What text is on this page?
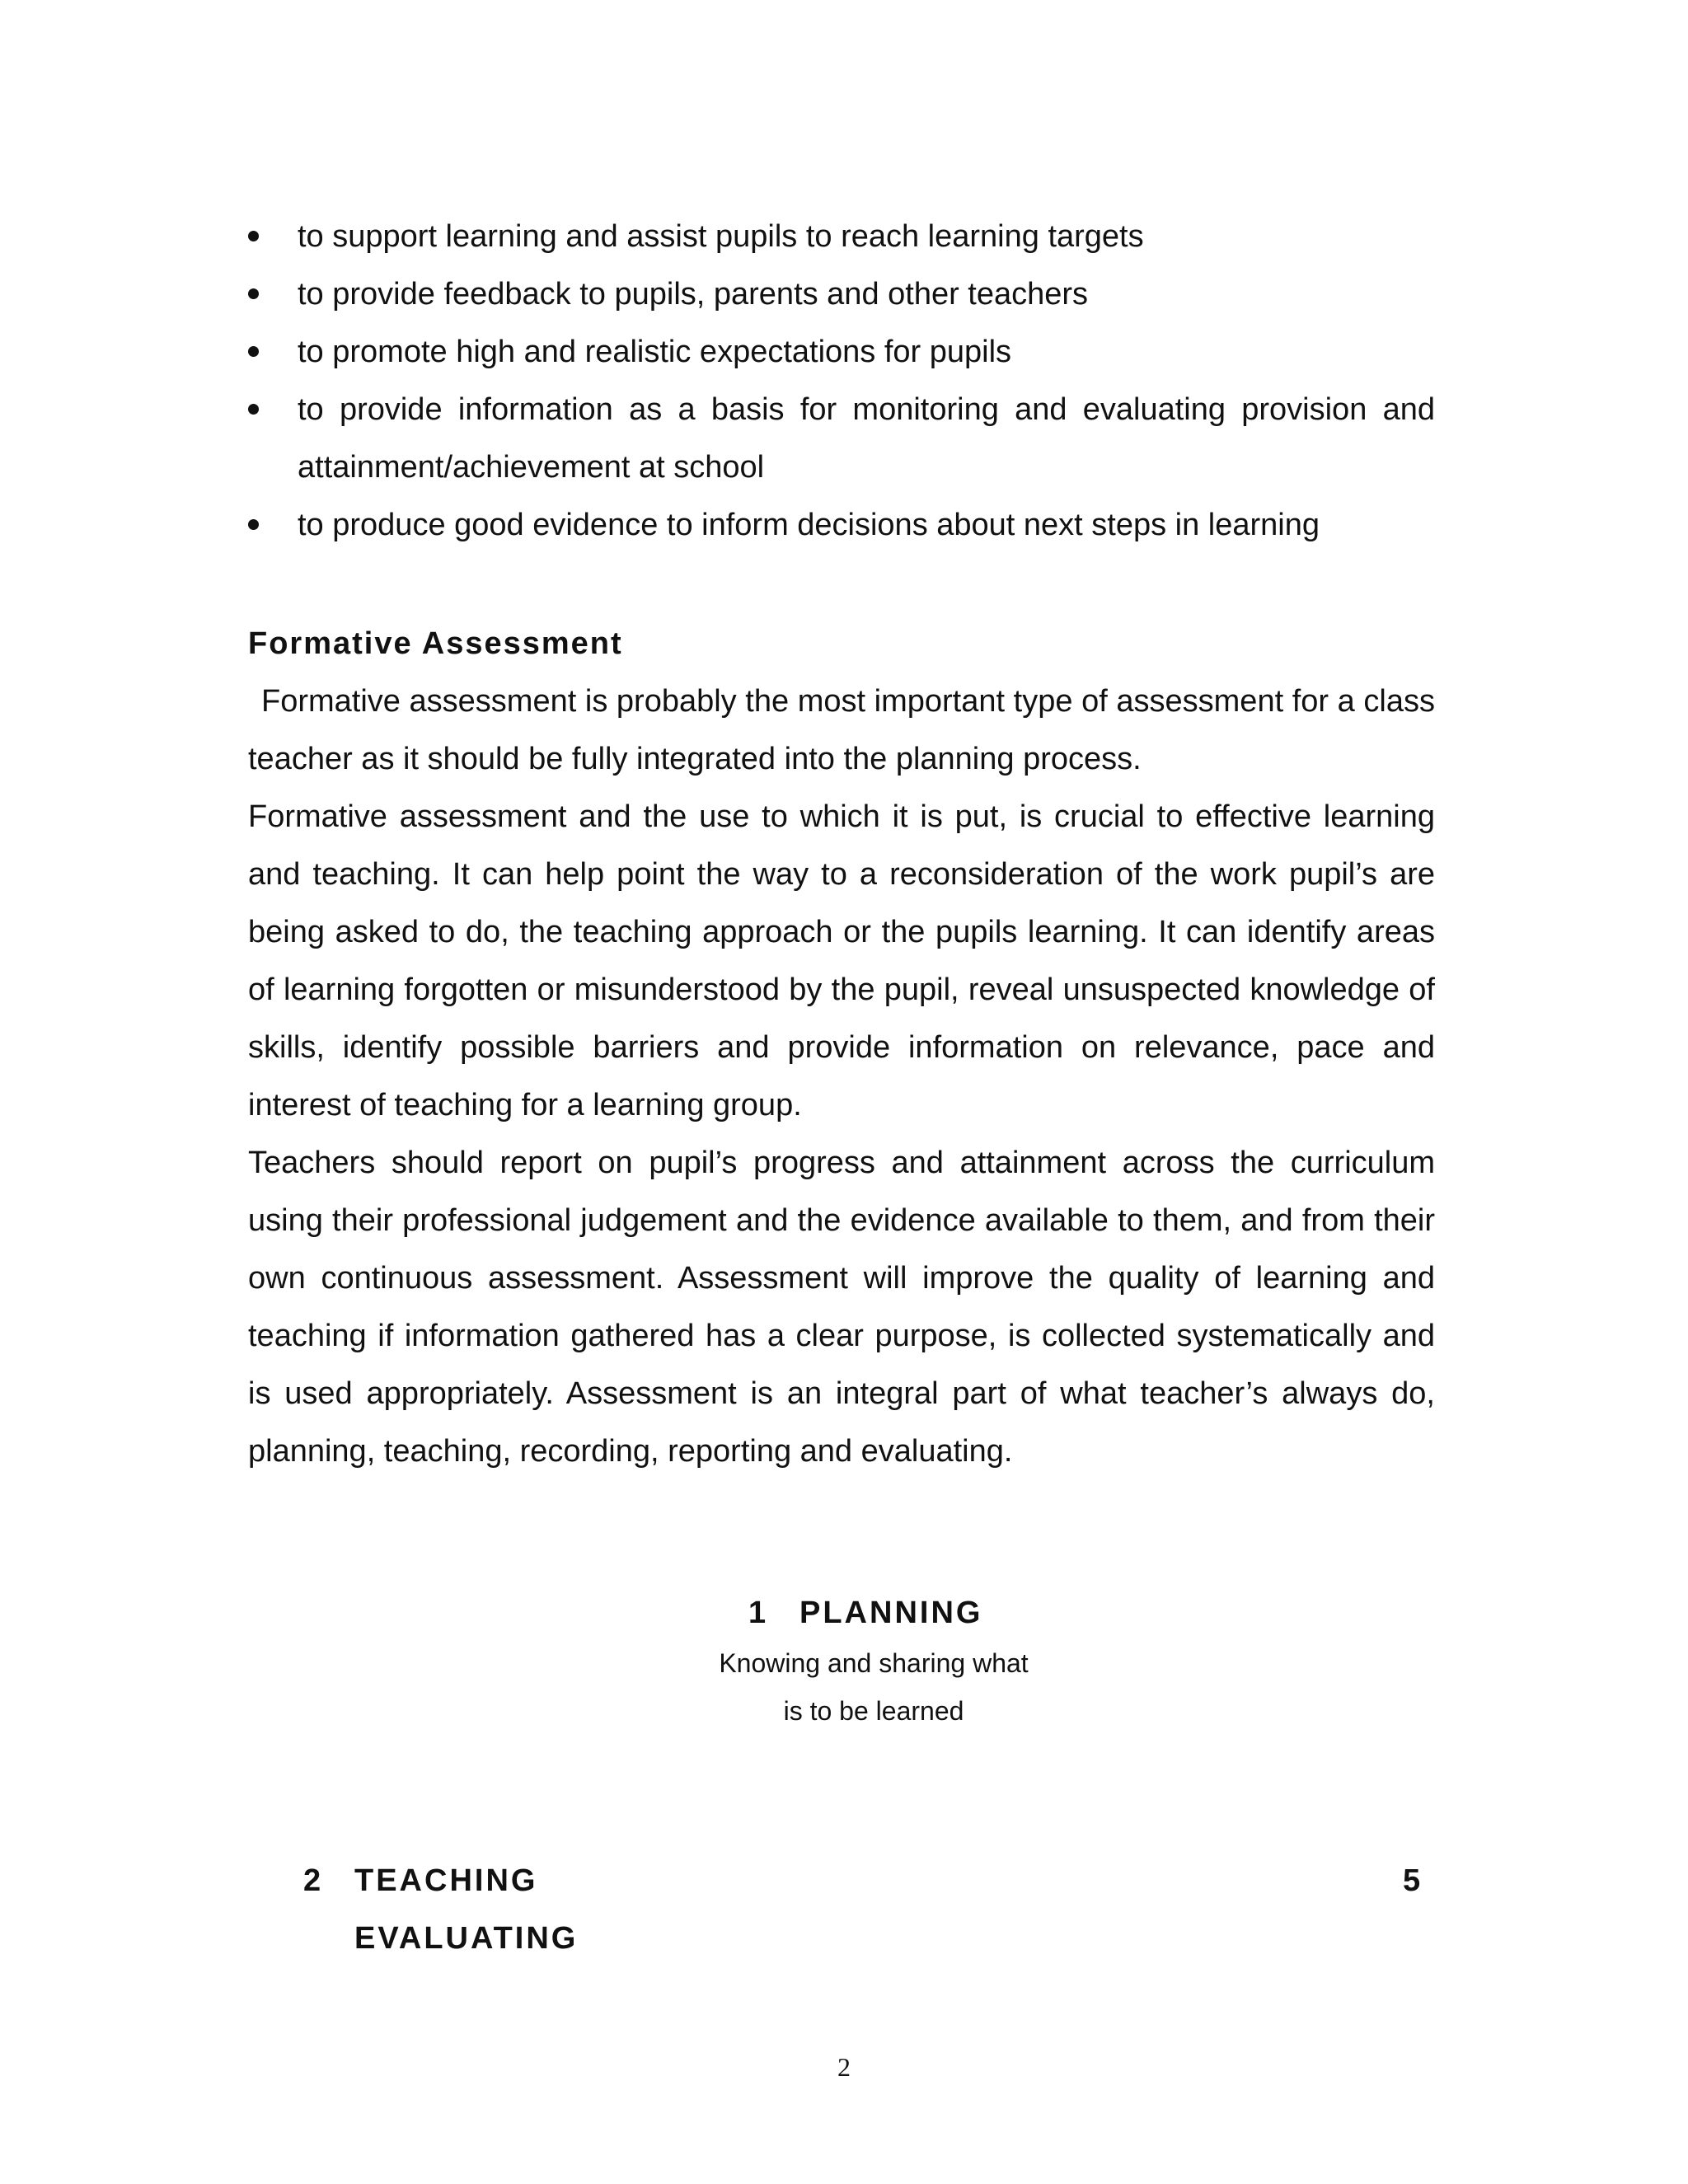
to support learning and assist pupils to reach learning targets
to provide feedback to pupils, parents and other teachers
to promote high and realistic expectations for pupils
to provide information as a basis for monitoring and evaluating provision and attainment/achievement at school
to produce good evidence to inform decisions about next steps in learning
Formative Assessment

Formative assessment is probably the most important type of assessment for a class teacher as it should be fully integrated into the planning process.

Formative assessment and the use to which it is put, is crucial to effective learning and teaching. It can help point the way to a reconsideration of the work pupil’s are being asked to do, the teaching approach or the pupils learning. It can identify areas of learning forgotten or misunderstood by the pupil, reveal unsuspected knowledge of skills, identify possible barriers and provide information on relevance, pace and interest of teaching for a learning group.

Teachers should report on pupil’s progress and attainment across the curriculum using their professional judgement and the evidence available to them, and from their own continuous assessment. Assessment will improve the quality of learning and teaching if information gathered has a clear purpose, is collected systematically and is used appropriately. Assessment is an integral part of what teacher’s always do, planning, teaching, recording, reporting and evaluating.

1 PLANNING
Knowing and sharing what
is to be learned
2 TEACHING	5
EVALUATING
2
